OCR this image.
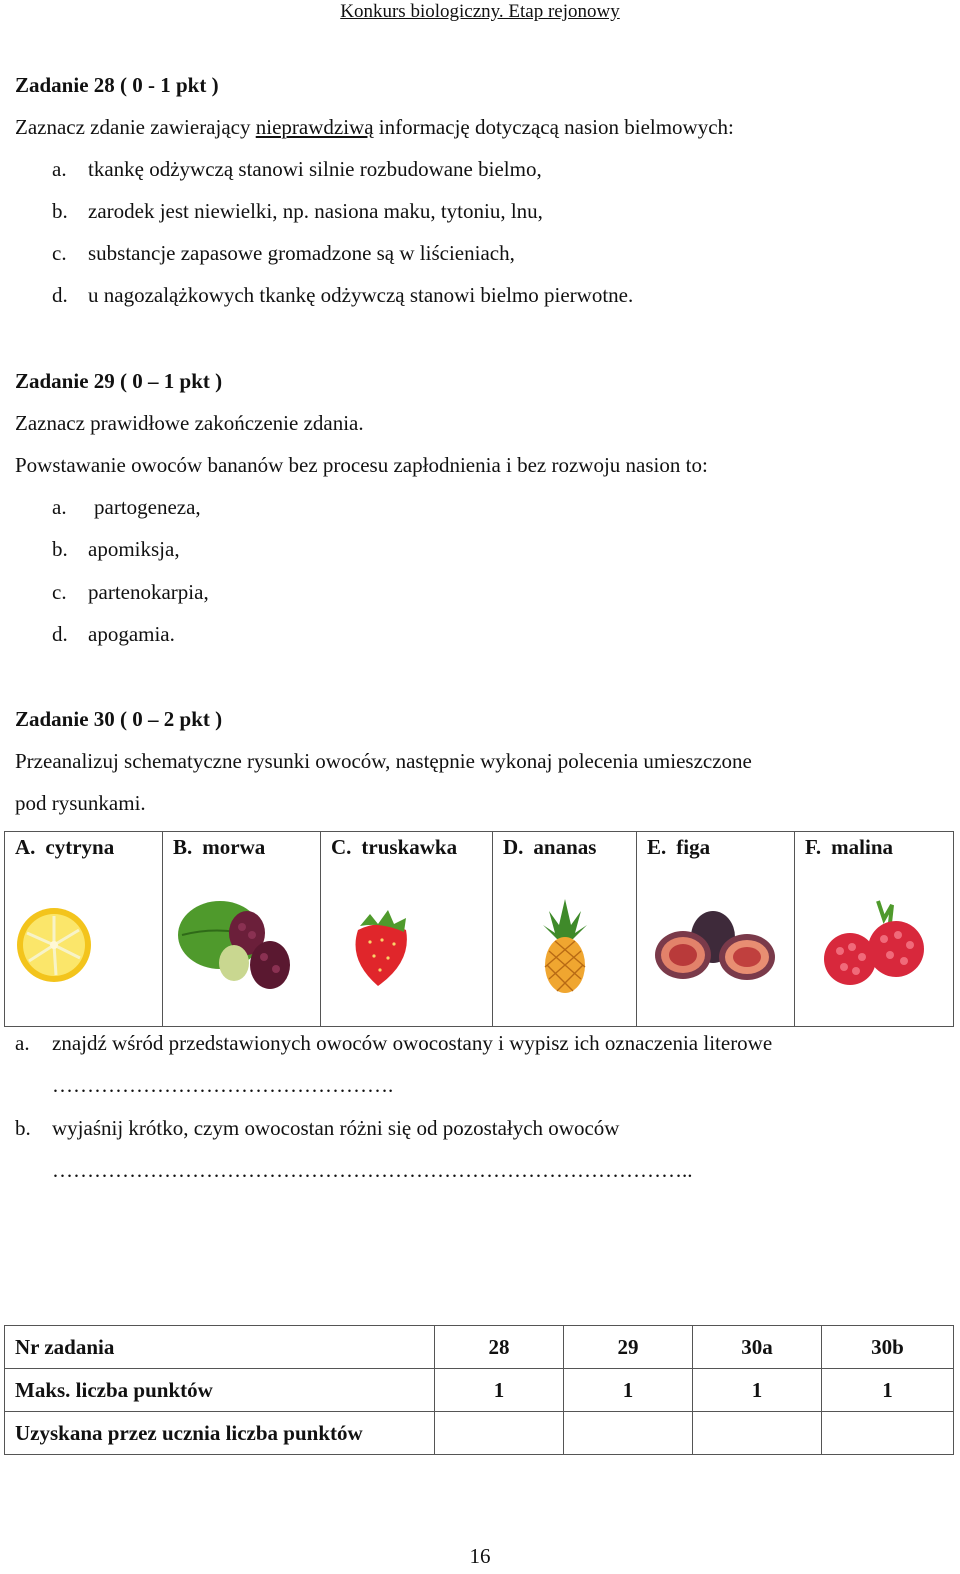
Konkurs biologiczny. Etap rejonowy
Zadanie 28 ( 0 - 1 pkt )
Zaznacz zdanie zawierający nieprawdziwą informację dotyczącą nasion bielmowych:
a. tkankę odżywczą stanowi silnie rozbudowane bielmo,
b. zarodek jest niewielki, np. nasiona maku, tytoniu, lnu,
c. substancje zapasowe gromadzone są w liścieniach,
d. u nagozalążkowych tkankę odżywczą stanowi bielmo pierwotne.
Zadanie 29 ( 0 – 1 pkt )
Zaznacz prawidłowe zakończenie zdania.
Powstawanie owoców bananów bez procesu zapłodnienia i bez rozwoju nasion to:
a. partogeneza,
b. apomiksja,
c. partenokarpia,
d. apogamia.
Zadanie 30 ( 0 – 2 pkt )
Przeanalizuj schematyczne rysunki owoców, następnie wykonaj polecenia umieszczone
pod rysunkami.
A. cytryna	B. morwa	C. truskawka	D. ananas	E. figa	F. malina
a. znajdź wśród przedstawionych owoców owocostany i wypisz ich oznaczenia literowe
………………………………………….
b. wyjaśnij krótko, czym owocostan różni się od pozostałych owoców
………………………………………………………………………………..
Nr zadania	28	29	30a	30b
Maks. liczba punktów	1	1	1	1
Uzyskana przez ucznia liczba punktów				
16
